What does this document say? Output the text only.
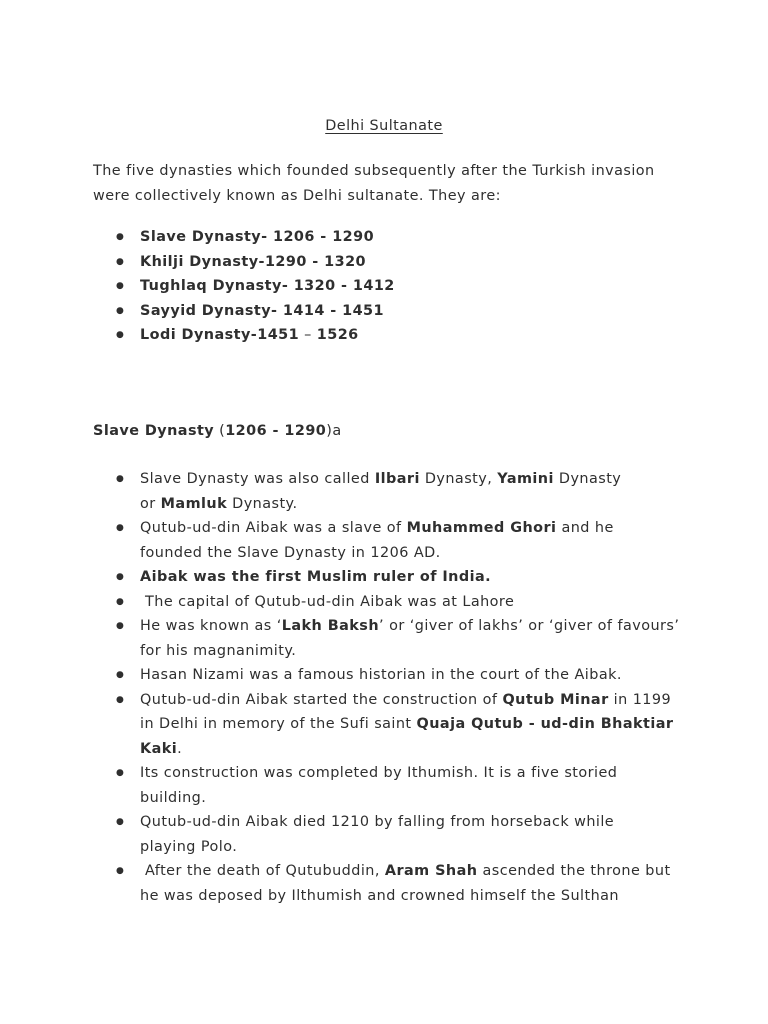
Delhi Sultanate
The five dynasties which founded subsequently after the Turkish invasion
were collectively known as Delhi sultanate. They are:
● Slave Dynasty- 1206 - 1290
● Khilji Dynasty-1290 - 1320
● Tughlaq Dynasty- 1320 - 1412
● Sayyid Dynasty- 1414 - 1451
● Lodi Dynasty-1451 – 1526
Slave Dynasty (1206 - 1290)a
● Slave Dynasty was also called Ilbari Dynasty, Yamini Dynasty
or Mamluk Dynasty.
● Qutub-ud-din Aibak was a slave of Muhammed Ghori and he
founded the Slave Dynasty in 1206 AD.
● Aibak was the first Muslim ruler of India.
● The capital of Qutub-ud-din Aibak was at Lahore
● He was known as ‘Lakh Baksh’ or ‘giver of lakhs’ or ‘giver of favours’
for his magnanimity.
● Hasan Nizami was a famous historian in the court of the Aibak.
● Qutub-ud-din Aibak started the construction of Qutub Minar in 1199
in Delhi in memory of the Sufi saint Quaja Qutub - ud-din Bhaktiar
Kaki.
● Its construction was completed by Ithumish. It is a five storied
building.
● Qutub-ud-din Aibak died 1210 by falling from horseback while
playing Polo.
● After the death of Qutubuddin, Aram Shah ascended the throne but
he was deposed by Ilthumish and crowned himself the Sulthan
